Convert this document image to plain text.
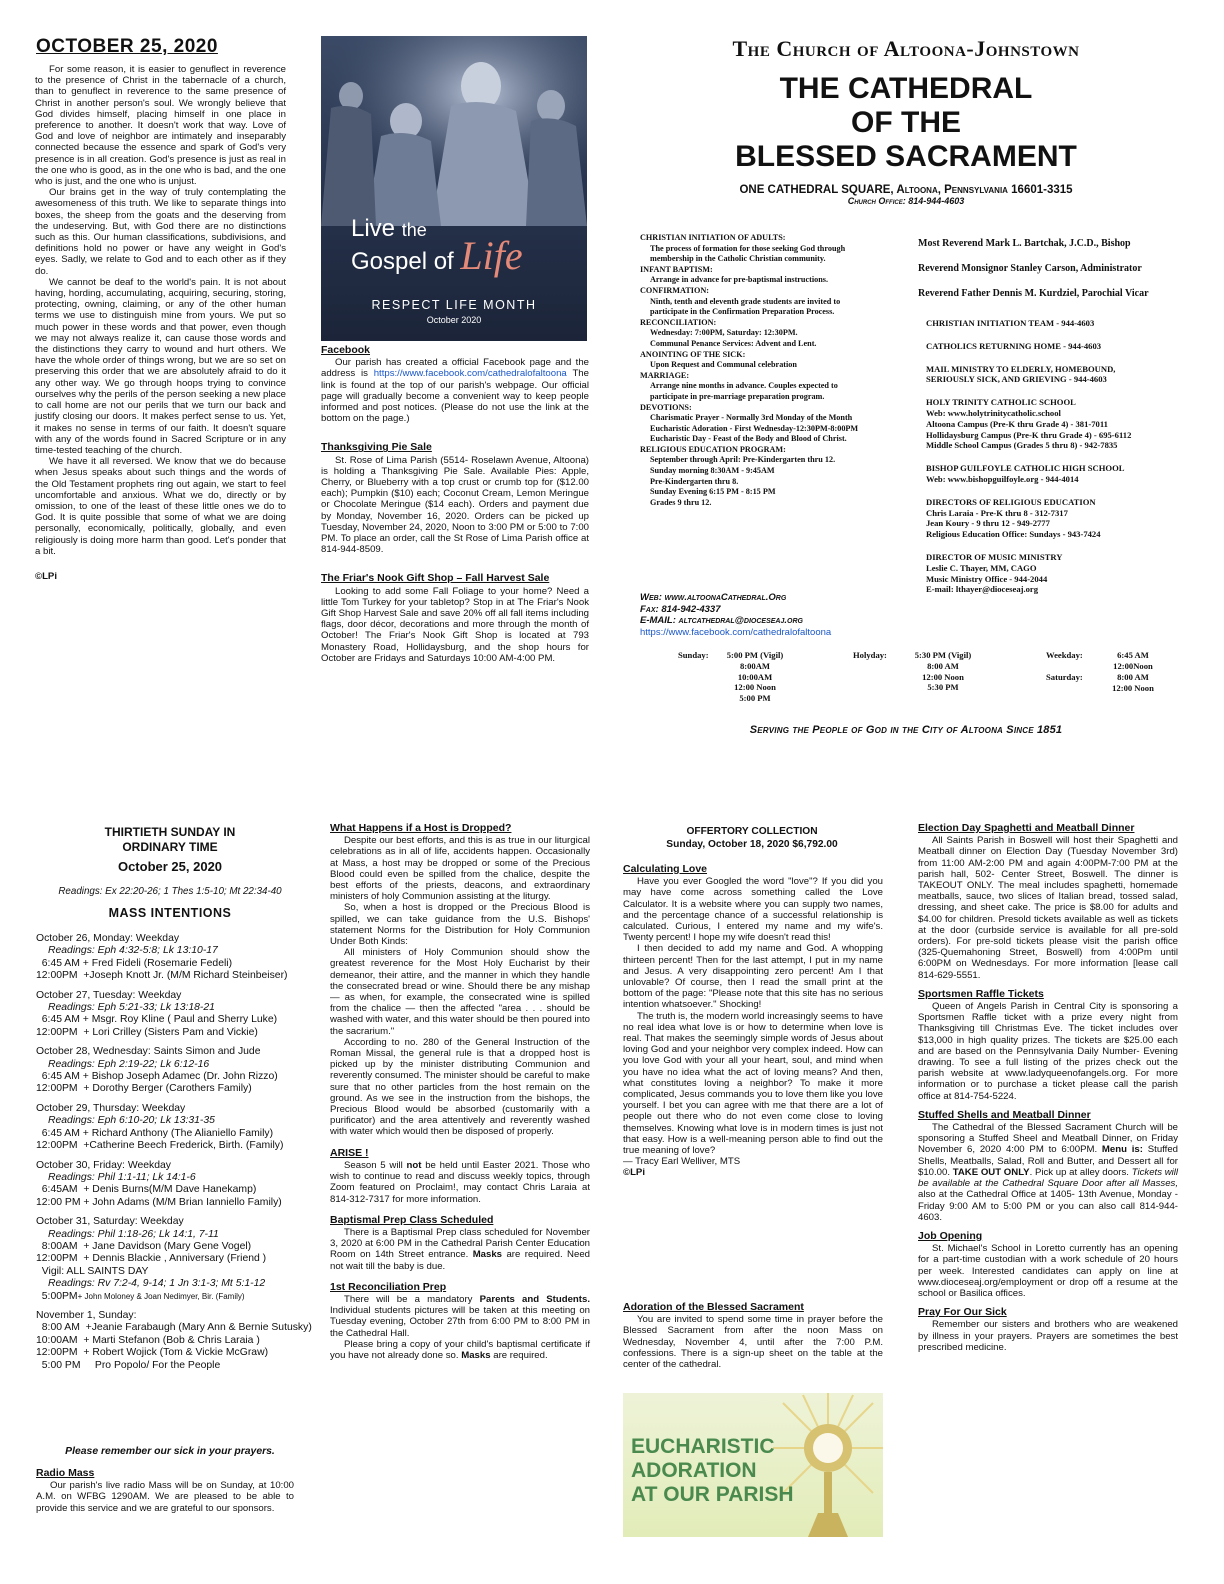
OCTOBER 25, 2020

For some reason, it is easier to genuflect in reverence to the presence of Christ in the tabernacle of a church, than to genuflect in reverence to the same presence of Christ in another person's soul. We wrongly believe that God divides himself, placing himself in one place in preference to another. It doesn't work that way. Love of God and love of neighbor are intimately and inseparably connected because the essence and spark of God's very presence is in all creation. God's presence is just as real in the one who is good, as in the one who is bad, and the one who is just, and the one who is unjust.

Our brains get in the way of truly contemplating the awesomeness of this truth. We like to separate things into boxes, the sheep from the goats and the deserving from the undeserving. But, with God there are no distinctions such as this. Our human classifications, subdivisions, and definitions hold no power or have any weight in God's eyes. Sadly, we relate to God and to each other as if they do.

We cannot be deaf to the world's pain. It is not about having, hording, accumulating, acquiring, securing, storing, protecting, owning, claiming, or any of the other human terms we use to distinguish mine from yours. We put so much power in these words and that power, even though we may not always realize it, can cause those words and the distinctions they carry to wound and hurt others. We have the whole order of things wrong, but we are so set on preserving this order that we are absolutely afraid to do it any other way. We go through hoops trying to convince ourselves why the perils of the person seeking a new place to call home are not our perils that we turn our back and justify closing our doors. It makes perfect sense to us. Yet, it makes no sense in terms of our faith. It doesn't square with any of the words found in Sacred Scripture or in any time-tested teaching of the church.

We have it all reversed. We know that we do because when Jesus speaks about such things and the words of the Old Testament prophets ring out again, we start to feel uncomfortable and anxious. What we do, directly or by omission, to one of the least of these little ones we do to God. It is quite possible that some of what we are doing personally, economically, politically, globally, and even religiously is doing more harm than good. Let's ponder that a bit.

©LPi

Live the
Gospel of Life
RESPECT LIFE MONTH
October 2020

Facebook

Our parish has created a official Facebook page and the address is https://www.facebook.com/cathedralofaltoona The link is found at the top of our parish's webpage. Our official page will gradually become a convenient way to keep people informed and post notices. (Please do not use the link at the bottom on the page.)

Thanksgiving Pie Sale

St. Rose of Lima Parish (5514- Roselawn Avenue, Altoona) is holding a Thanksgiving Pie Sale. Available Pies: Apple, Cherry, or Blueberry with a top crust or crumb top for ($12.00 each); Pumpkin ($10) each; Coconut Cream, Lemon Meringue or Chocolate Meringue ($14 each). Orders and payment due by Monday, November 16, 2020. Orders can be picked up Tuesday, November 24, 2020, Noon to 3:00 PM or 5:00 to 7:00 PM. To place an order, call the St Rose of Lima Parish office at 814-944-8509.

The Friar's Nook Gift Shop – Fall Harvest Sale

Looking to add some Fall Foliage to your home? Need a little Tom Turkey for your tabletop? Stop in at The Friar's Nook Gift Shop Harvest Sale and save 20% off all fall items including flags, door décor, decorations and more through the month of October! The Friar's Nook Gift Shop is located at 793 Monastery Road, Hollidaysburg, and the shop hours for October are Fridays and Saturdays 10:00 AM-4:00 PM.

The Church of Altoona-Johnstown
THE CATHEDRAL
OF THE
BLESSED SACRAMENT
ONE CATHEDRAL SQUARE, Altoona, Pennsylvania 16601-3315
Church Office: 814-944-4603
CHRISTIAN INITIATION OF ADULTS:
The process of formation for those seeking God through
membership in the Catholic Christian community.
INFANT BAPTISM:
Arrange in advance for pre-baptismal instructions.
CONFIRMATION:
Ninth, tenth and eleventh grade students are invited to
participate in the Confirmation Preparation Process.
RECONCILIATION:
Wednesday: 7:00PM, Saturday: 12:30PM.
Communal Penance Services: Advent and Lent.
ANOINTING OF THE SICK:
Upon Request and Communal celebration
MARRIAGE:
Arrange nine months in advance. Couples expected to
participate in pre-marriage preparation program.
DEVOTIONS:
Charismatic Prayer - Normally 3rd Monday of the Month
Eucharistic Adoration - First Wednesday-12:30PM-8:00PM
Eucharistic Day - Feast of the Body and Blood of Christ.
RELIGIOUS EDUCATION PROGRAM:
September through April: Pre-Kindergarten thru 12.
Sunday morning 8:30AM - 9:45AM
Pre-Kindergarten thru 8.
Sunday Evening 6:15 PM - 8:15 PM
Grades 9 thru 12.
Web: www.altoonaCathedral.Org
Fax: 814-942-4337
E-MAIL: altcathedral@dioceseaj.org
https://www.facebook.com/cathedralofaltoona
Most Reverend Mark L. Bartchak, J.C.D., Bishop
Reverend Monsignor Stanley Carson, Administrator
Reverend Father Dennis M. Kurdziel, Parochial Vicar
CHRISTIAN INITIATION TEAM - 944-4603
CATHOLICS RETURNING HOME - 944-4603
MAIL MINISTRY TO ELDERLY, HOMEBOUND,
SERIOUSLY SICK, AND GRIEVING - 944-4603
HOLY TRINITY CATHOLIC SCHOOL
Web: www.holytrinitycatholic.school
Altoona Campus (Pre-K thru Grade 4) - 381-7011
Hollidaysburg Campus (Pre-K thru Grade 4) - 695-6112
Middle School Campus (Grades 5 thru 8) - 942-7835
BISHOP GUILFOYLE CATHOLIC HIGH SCHOOL
Web: www.bishopguilfoyle.org - 944-4014
DIRECTORS OF RELIGIOUS EDUCATION
Chris Laraia - Pre-K thru 8 - 312-7317
Jean Koury - 9 thru 12 - 949-2777
Religious Education Office: Sundays - 943-7424
DIRECTOR OF MUSIC MINISTRY
Leslie C. Thayer, MM, CAGO
Music Ministry Office - 944-2044
E-mail: lthayer@dioceseaj.org
Sunday:	5:00 PM (Vigil)
8:00AM
10:00AM
12:00 Noon
5:00 PM
Holyday:	5:30 PM (Vigil)
8:00 AM
12:00 Noon
5:30 PM
Weekday:	6:45 AM
12:00Noon
Saturday:	8:00 AM
12:00 Noon
Serving the People of God in the City of Altoona Since 1851
THIRTIETH SUNDAY IN
ORDINARY TIME
October 25, 2020
Readings: Ex 22:20-26; 1 Thes 1:5-10; Mt 22:34-40
MASS INTENTIONS
October 26, Monday: Weekday
Readings: Eph 4:32-5:8; Lk 13:10-17
6:45 AM + Fred Fideli (Rosemarie Fedeli)
12:00PM  +Joseph Knott Jr. (M/M Richard Steinbeiser)
October 27, Tuesday: Weekday
Readings: Eph 5:21-33; Lk 13:18-21
6:45 AM + Msgr. Roy Kline ( Paul and Sherry Luke)
12:00PM  + Lori Crilley (Sisters Pam and Vickie)
October 28, Wednesday: Saints Simon and Jude
Readings: Eph 2:19-22; Lk 6:12-16
6:45 AM + Bishop Joseph Adamec (Dr. John Rizzo)
12:00PM  + Dorothy Berger (Carothers Family)
October 29, Thursday: Weekday
Readings: Eph 6:10-20; Lk 13:31-35
6:45 AM + Richard Anthony (The Alianiello Family)
12:00PM  +Catherine Beech Frederick, Birth. (Family)
October 30, Friday: Weekday
Readings: Phil 1:1-11; Lk 14:1-6
6:45AM  + Denis Burns(M/M Dave Hanekamp)
12:00 PM + John Adams (M/M Brian Ianniello Family)
October 31, Saturday: Weekday
Readings: Phil 1:18-26; Lk 14:1, 7-11
8:00AM  + Jane Davidson (Mary Gene Vogel)
12:00PM  + Dennis Blackie , Anniversary (Friend )
Vigil: ALL SAINTS DAY
Readings: Rv 7:2-4, 9-14; 1 Jn 3:1-3; Mt 5:1-12
5:00PM+ John Moloney & Joan Nedimyer, Bir. (Family)
November 1, Sunday:
8:00 AM  +Jeanie Farabaugh (Mary Ann & Bernie Sutusky)
10:00AM  + Marti Stefanon (Bob & Chris Laraia )
12:00PM  + Robert Wojick (Tom & Vickie McGraw)
5:00 PM     Pro Popolo/ For the People
Please remember our sick in your prayers.

Radio Mass

Our parish's live radio Mass will be on Sunday, at 10:00 A.M. on WFBG 1290AM. We are pleased to be able to provide this service and we are grateful to our sponsors.

What Happens if a Host is Dropped?

Despite our best efforts, and this is as true in our liturgical celebrations as in all of life, accidents happen. Occasionally at Mass, a host may be dropped or some of the Precious Blood could even be spilled from the chalice, despite the best efforts of the priests, deacons, and extraordinary ministers of holy Communion assisting at the liturgy.

So, when a host is dropped or the Precious Blood is spilled, we can take guidance from the U.S. Bishops' statement Norms for the Distribution for Holy Communion Under Both Kinds:

All ministers of Holy Communion should show the greatest reverence for the Most Holy Eucharist by their demeanor, their attire, and the manner in which they handle the consecrated bread or wine. Should there be any mishap — as when, for example, the consecrated wine is spilled from the chalice — then the affected "area . . . should be washed with water, and this water should be then poured into the sacrarium."

According to no. 280 of the General Instruction of the Roman Missal, the general rule is that a dropped host is picked up by the minister distributing Communion and reverently consumed. The minister should be careful to make sure that no other particles from the host remain on the ground. As we see in the instruction from the bishops, the Precious Blood would be absorbed (customarily with a purificator) and the area attentively and reverently washed with water which would then be disposed of properly.

ARISE !

Season 5 will not be held until Easter 2021. Those who wish to continue to read and discuss weekly topics, through Zoom featured on Proclaim!, may contact Chris Laraia at 814-312-7317 for more information.

Baptismal Prep Class Scheduled

There is a Baptismal Prep class scheduled for November 3, 2020 at 6:00 PM in the Cathedral Parish Center Education Room on 14th Street entrance. Masks are required. Need not wait till the baby is due.

1st Reconciliation Prep

There will be a mandatory Parents and Students. Individual students pictures will be taken at this meeting on Tuesday evening, October 27th from 6:00 PM to 8:00 PM in the Cathedral Hall.

Please bring a copy of your child's baptismal certificate if you have not already done so. Masks are required.

OFFERTORY COLLECTION
Sunday, October 18, 2020 $6,792.00

Calculating Love

Have you ever Googled the word "love"? If you did you may have come across something called the Love Calculator. It is a website where you can supply two names, and the percentage chance of a successful relationship is calculated. Curious, I entered my name and my wife's. Twenty percent! I hope my wife doesn't read this!

I then decided to add my name and God. A whopping thirteen percent! Then for the last attempt, I put in my name and Jesus. A very disappointing zero percent! Am I that unlovable? Of course, then I read the small print at the bottom of the page: "Please note that this site has no serious intention whatsoever." Shocking!

The truth is, the modern world increasingly seems to have no real idea what love is or how to determine when love is real. That makes the seemingly simple words of Jesus about loving God and your neighbor very complex indeed. How can you love God with your all your heart, soul, and mind when you have no idea what the act of loving means? And then, what constitutes loving a neighbor? To make it more complicated, Jesus commands you to love them like you love yourself. I bet you can agree with me that there are a lot of people out there who do not even come close to loving themselves. Knowing what love is in modern times is just not that easy. How is a well-meaning person able to find out the true meaning of love?

— Tracy Earl Welliver, MTS

©LPi

Adoration of the Blessed Sacrament

You are invited to spend some time in prayer before the Blessed Sacrament from after the noon Mass on Wednesday, November 4, until after the 7:00 P.M. confessions. There is a sign-up sheet on the table at the center of the cathedral.

EUCHARISTIC
ADORATION
AT OUR PARISH

Election Day Spaghetti and Meatball Dinner

All Saints Parish in Boswell will host their Spaghetti and Meatball dinner on Election Day (Tuesday November 3rd) from 11:00 AM-2:00 PM and again 4:00PM-7:00 PM at the parish hall, 502- Center Street, Boswell. The dinner is TAKEOUT ONLY. The meal includes spaghetti, homemade meatballs, sauce, two slices of Italian bread, tossed salad, dressing, and sheet cake. The price is $8.00 for adults and $4.00 for children. Presold tickets available as well as tickets at the door (curbside service is available for all pre-sold orders). For pre-sold tickets please visit the parish office (325-Quemahoning Street, Boswell) from 4:00Pm until 6:00PM on Wednesdays. For more information [lease call 814-629-5551.

Sportsmen Raffle Tickets

Queen of Angels Parish in Central City is sponsoring a Sportsmen Raffle ticket with a prize every night from Thanksgiving till Christmas Eve. The ticket includes over $13,000 in high quality prizes. The tickets are $25.00 each and are based on the Pennsylvania Daily Number- Evening drawing. To see a full listing of the prizes check out the parish website at www.ladyqueenofangels.org. For more information or to purchase a ticket please call the parish office at 814-754-5224.

Stuffed Shells and Meatball Dinner

The Cathedral of the Blessed Sacrament Church will be sponsoring a Stuffed Sheel and Meatball Dinner, on Friday November 6, 2020 4:00 PM to 6:00PM. Menu is: Stuffed Shells, Meatballs, Salad, Roll and Butter, and Dessert all for $10.00. TAKE OUT ONLY. Pick up at alley doors. Tickets will be available at the Cathedral Square Door after all Masses, also at the Cathedral Office at 1405- 13th Avenue, Monday - Friday 9:00 AM to 5:00 PM or you can also call 814-944-4603.

Job Opening

St. Michael's School in Loretto currently has an opening for a part-time custodian with a work schedule of 20 hours per week. Interested candidates can apply on line at www.dioceseaj.org/employment or drop off a resume at the school or Basilica offices.

Pray For Our Sick

Remember our sisters and brothers who are weakened by illness in your prayers. Prayers are sometimes the best prescribed medicine.
